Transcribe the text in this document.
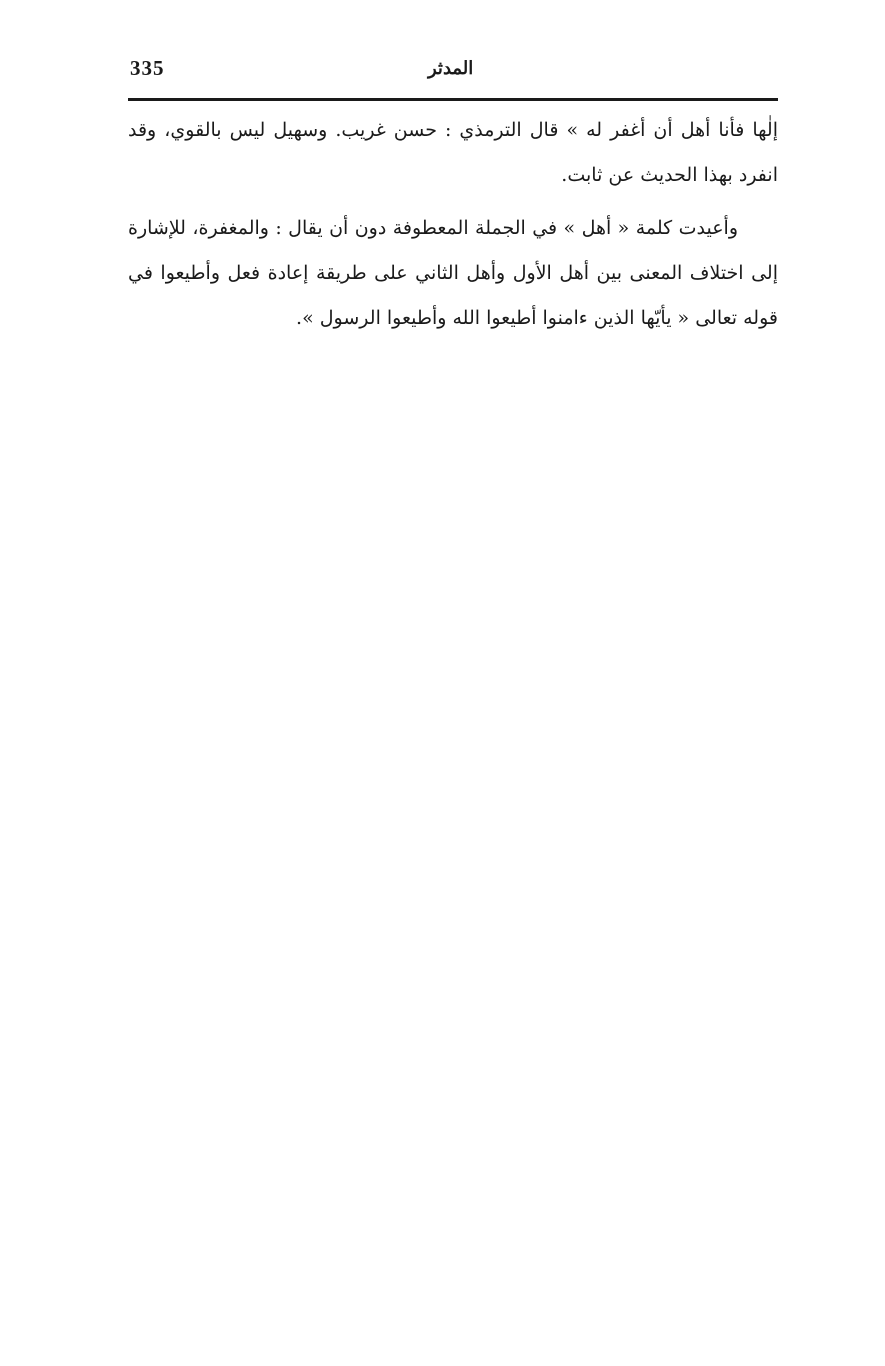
335	المدثر

إلٰها فأنا أهل أن أغفر له » قال الترمذي : حسن غريب. وسهيل ليس بالقوي، وقد انفرد بهذا الحديث عن ثابت.

وأعيدت كلمة « أهل » في الجملة المعطوفة دون أن يقال : والمغفرة، للإشارة إلى اختلاف المعنى بين أهل الأول وأهل الثاني على طريقة إعادة فعل وأطيعوا في قوله تعالى « يأيّها الذين ءامنوا أطيعوا الله وأطيعوا الرسول ».
